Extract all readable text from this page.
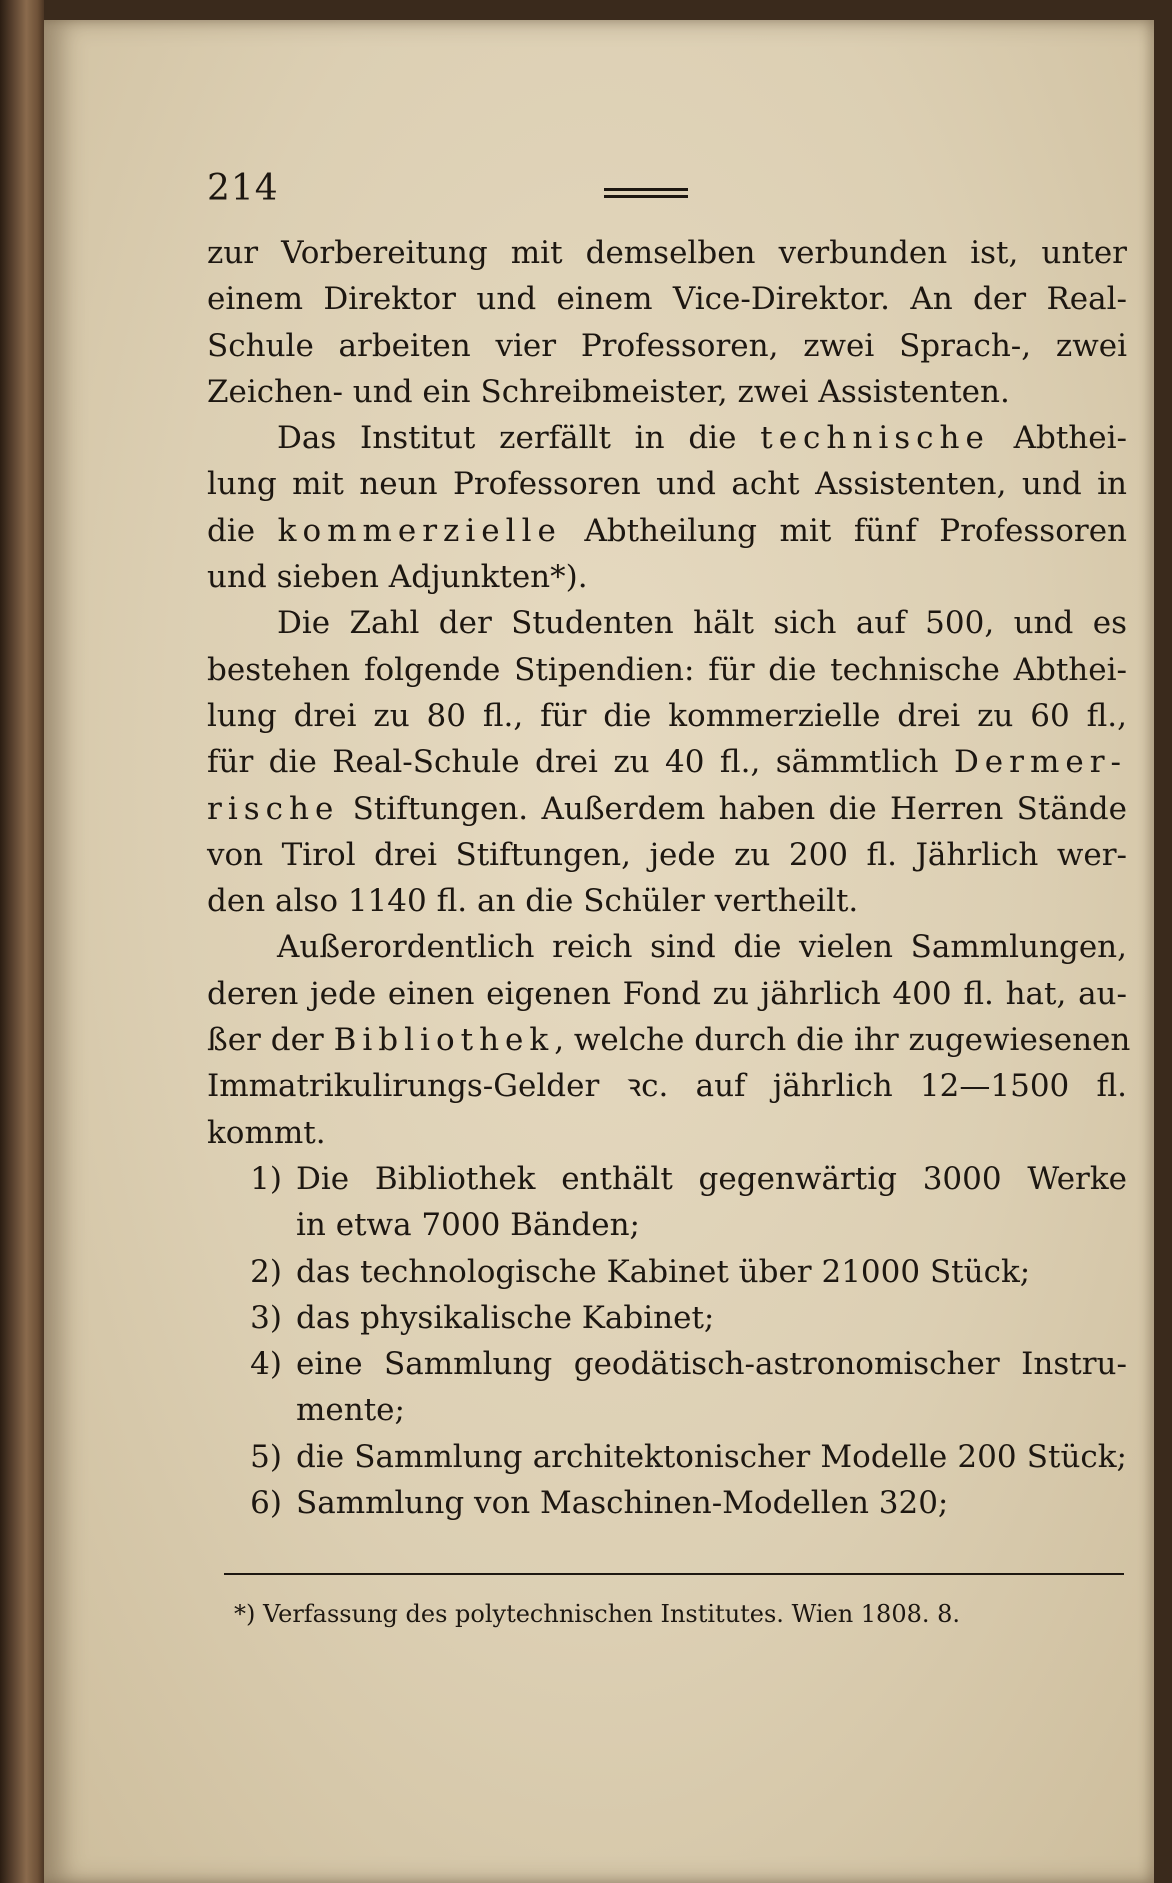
214
zur Vorbereitung mit demselben verbunden ist, unter
einem Direktor und einem Vice-Direktor. An der Real-
Schule arbeiten vier Professoren, zwei Sprach-, zwei
Zeichen- und ein Schreibmeister, zwei Assistenten.
Das Institut zerfällt in die technische Abthei-
lung mit neun Professoren und acht Assistenten, und in
die kommerzielle Abtheilung mit fünf Professoren
und sieben Adjunkten*).
Die Zahl der Studenten hält sich auf 500, und es
bestehen folgende Stipendien: für die technische Abthei-
lung drei zu 80 fl., für die kommerzielle drei zu 60 fl.,
für die Real-Schule drei zu 40 fl., sämmtlich Dermer-
rische Stiftungen. Außerdem haben die Herren Stände
von Tirol drei Stiftungen, jede zu 200 fl. Jährlich wer-
den also 1140 fl. an die Schüler vertheilt.
Außerordentlich reich sind die vielen Sammlungen,
deren jede einen eigenen Fond zu jährlich 400 fl. hat, au-
ßer der Bibliothek, welche durch die ihr zugewiesenen
Immatrikulirungs-Gelder ꝛc. auf jährlich 12—1500 fl.
kommt.
1) Die Bibliothek enthält gegenwärtig 3000 Werke
in etwa 7000 Bänden;
2) das technologische Kabinet über 21000 Stück;
3) das physikalische Kabinet;
4) eine Sammlung geodätisch-astronomischer Instru-
mente;
5) die Sammlung architektonischer Modelle 200 Stück;
6) Sammlung von Maschinen-Modellen 320;
*) Verfassung des polytechnischen Institutes. Wien 1808. 8.
